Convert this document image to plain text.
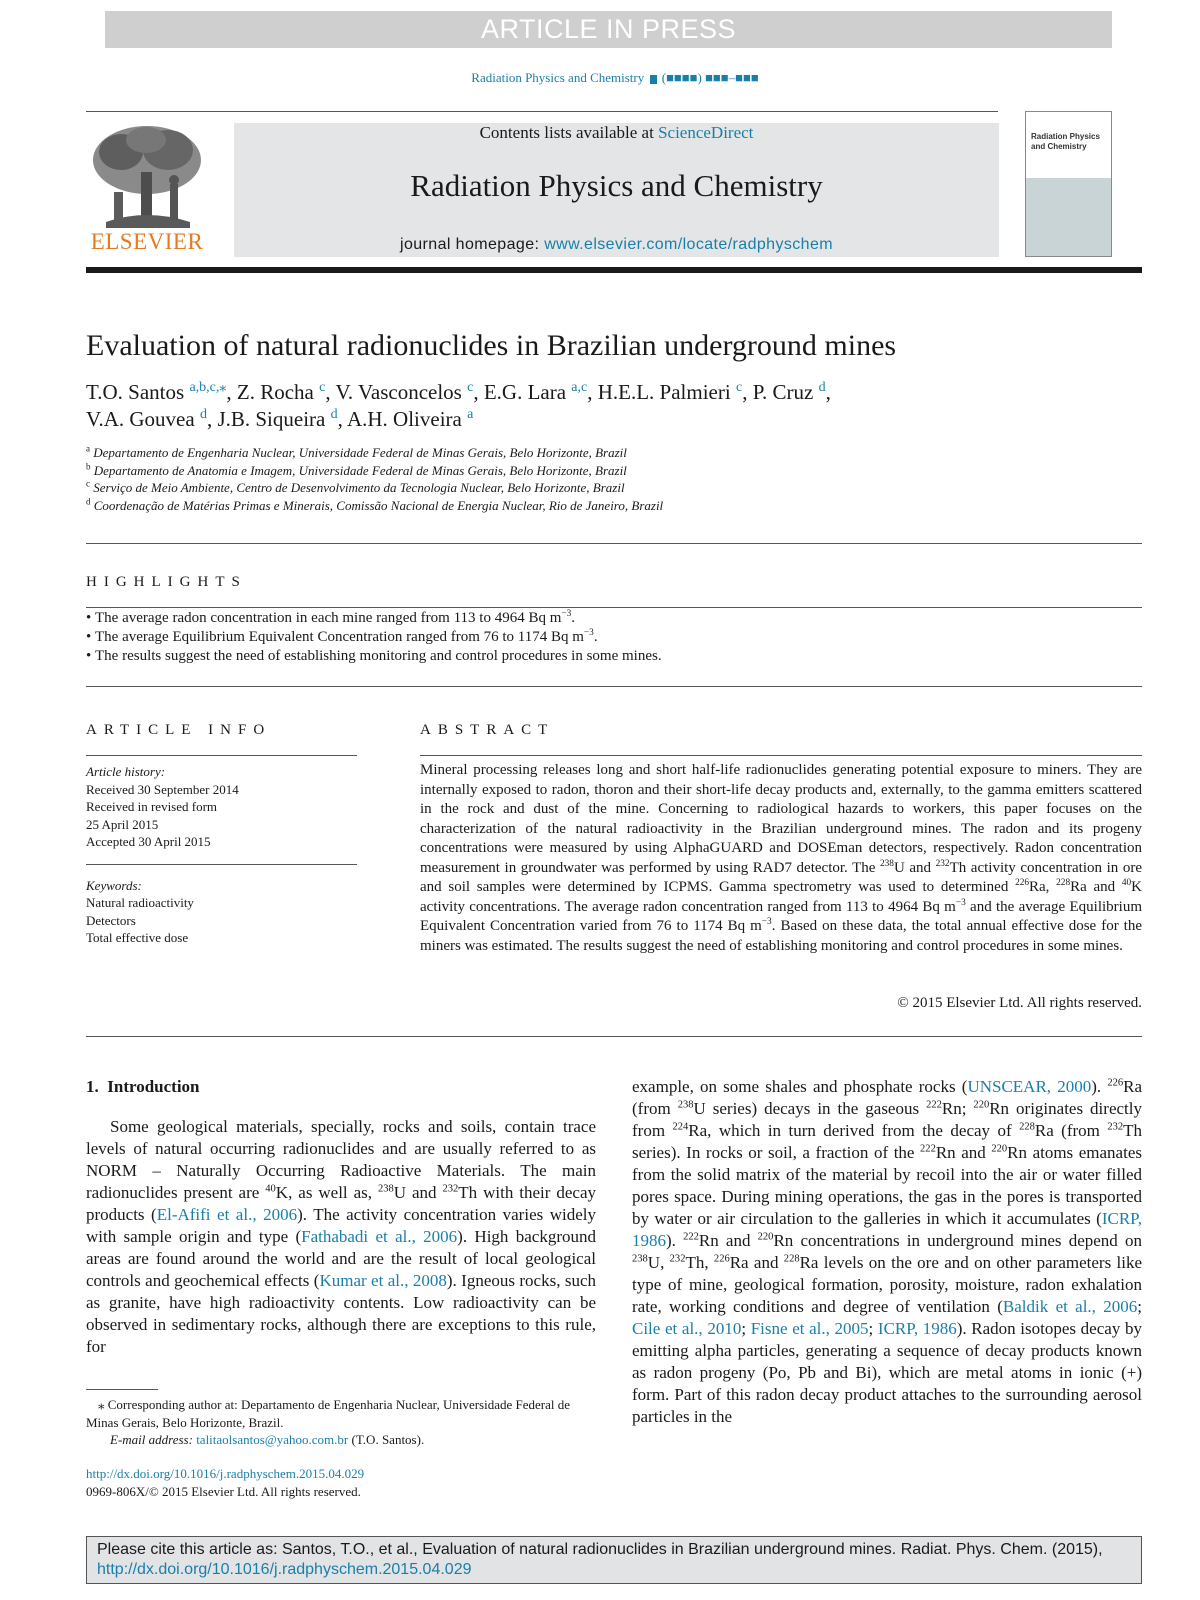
ARTICLE IN PRESS
Radiation Physics and Chemistry (■■■■) ■■■–■■■
ELSEVIER
Contents lists available at ScienceDirect
Radiation Physics and Chemistry
journal homepage: www.elsevier.com/locate/radphyschem
Radiation Physics and Chemistry
Evaluation of natural radionuclides in Brazilian underground mines
T.O. Santos $^{a,b,c,⁎}$, Z. Rocha $^c$, V. Vasconcelos $^c$, E.G. Lara $^{a,c}$, H.E.L. Palmieri $^c$, P. Cruz $^d$,
V.A. Gouvea $^d$, J.B. Siqueira $^d$, A.H. Oliveira $^a$
$^a$ Departamento de Engenharia Nuclear, Universidade Federal de Minas Gerais, Belo Horizonte, Brazil
$^b$ Departamento de Anatomia e Imagem, Universidade Federal de Minas Gerais, Belo Horizonte, Brazil
$^c$ Serviço de Meio Ambiente, Centro de Desenvolvimento da Tecnologia Nuclear, Belo Horizonte, Brazil
$^d$ Coordenação de Matérias Primas e Minerais, Comissão Nacional de Energia Nuclear, Rio de Janeiro, Brazil
HIGHLIGHTS
• The average radon concentration in each mine ranged from 113 to 4964 Bq $m^{-3}$.
• The average Equilibrium Equivalent Concentration ranged from 76 to 1174 Bq $m^{-3}$.
• The results suggest the need of establishing monitoring and control procedures in some mines.
ARTICLE INFO	ABSTRACT
Article history:
Received 30 September 2014
Received in revised form
25 April 2015
Accepted 30 April 2015
Keywords:
Natural radioactivity
Detectors
Total effective dose
Mineral processing releases long and short half-life radionuclides generating potential exposure to miners. They are internally exposed to radon, thoron and their short-life decay products and, externally, to the gamma emitters scattered in the rock and dust of the mine. Concerning to radiological hazards to workers, this paper focuses on the characterization of the natural radioactivity in the Brazilian underground mines. The radon and its progeny concentrations were measured by using AlphaGUARD and DOSEman detectors, respectively. Radon concentration measurement in groundwater was performed by using RAD7 detector. The $^{238}$U and $^{232}$Th activity concentration in ore and soil samples were determined by ICPMS. Gamma spectrometry was used to determined $^{226}$Ra, $^{228}$Ra and $^{40}$K activity concentrations. The average radon concentration ranged from 113 to 4964 Bq $m^{-3}$ and the average Equilibrium Equivalent Concentration varied from 76 to 1174 Bq $m^{-3}$. Based on these data, the total annual effective dose for the miners was estimated. The results suggest the need of establishing monitoring and control procedures in some mines.
© 2015 Elsevier Ltd. All rights reserved.
1. Introduction
Some geological materials, specially, rocks and soils, contain trace levels of natural occurring radionuclides and are usually referred to as NORM – Naturally Occurring Radioactive Materials. The main radionuclides present are $^{40}$K, as well as, $^{238}$U and $^{232}$Th with their decay products (El-Afifi et al., 2006). The activity concentration varies widely with sample origin and type (Fathabadi et al., 2006). High background areas are found around the world and are the result of local geological controls and geochemical effects (Kumar et al., 2008). Igneous rocks, such as granite, have high radioactivity contents. Low radioactivity can be observed in sedimentary rocks, although there are exceptions to this rule, for
example, on some shales and phosphate rocks (UNSCEAR, 2000). $^{226}$Ra (from $^{238}$U series) decays in the gaseous $^{222}$Rn; $^{220}$Rn originates directly from $^{224}$Ra, which in turn derived from the decay of $^{228}$Ra (from $^{232}$Th series). In rocks or soil, a fraction of the $^{222}$Rn and $^{220}$Rn atoms emanates from the solid matrix of the material by recoil into the air or water filled pores space. During mining operations, the gas in the pores is transported by water or air circulation to the galleries in which it accumulates (ICRP, 1986). $^{222}$Rn and $^{220}$Rn concentrations in underground mines depend on $^{238}$U, $^{232}$Th, $^{226}$Ra and $^{228}$Ra levels on the ore and on other parameters like type of mine, geological formation, porosity, moisture, radon exhalation rate, working conditions and degree of ventilation (Baldik et al., 2006; Cile et al., 2010; Fisne et al., 2005; ICRP, 1986). Radon isotopes decay by emitting alpha particles, generating a sequence of decay products known as radon progeny (Po, Pb and Bi), which are metal atoms in ionic (+) form. Part of this radon decay product attaches to the surrounding aerosol particles in the
⁎ Corresponding author at: Departamento de Engenharia Nuclear, Universidade Federal de Minas Gerais, Belo Horizonte, Brazil.
E-mail address: talitaolsantos@yahoo.com.br (T.O. Santos).
http://dx.doi.org/10.1016/j.radphyschem.2015.04.029
0969-806X/© 2015 Elsevier Ltd. All rights reserved.
Please cite this article as: Santos, T.O., et al., Evaluation of natural radionuclides in Brazilian underground mines. Radiat. Phys. Chem. (2015), http://dx.doi.org/10.1016/j.radphyschem.2015.04.029
